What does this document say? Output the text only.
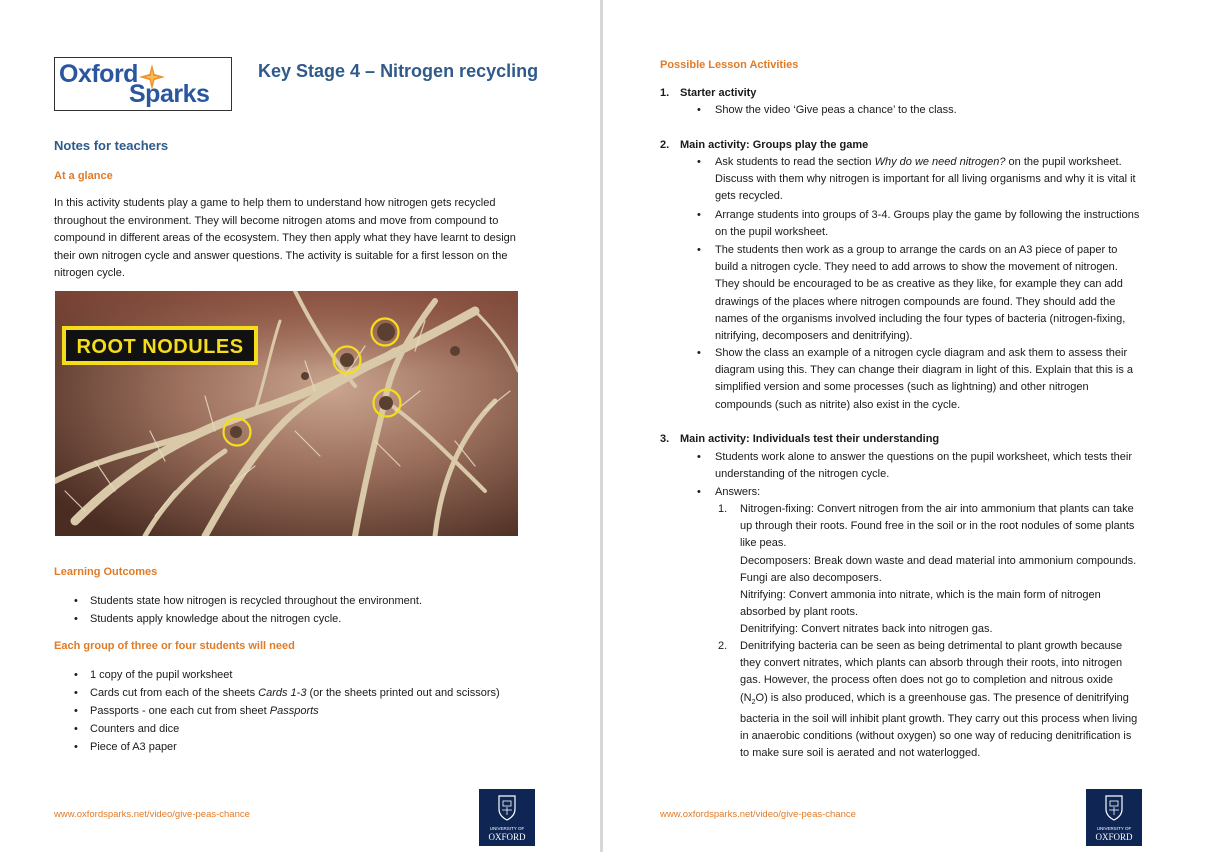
Oxford
Sparks
Key Stage 4 – Nitrogen recycling
Notes for teachers
At a glance
In this activity students play a game to help them to understand how nitrogen gets recycled
throughout the environment. They will become nitrogen atoms and move from compound to
compound in different areas of the ecosystem. They then apply what they have learnt to design
their own nitrogen cycle and answer questions. The activity is suitable for a first lesson on the
nitrogen cycle.
ROOT NODULES
Learning Outcomes
• Students state how nitrogen is recycled throughout the environment.
• Students apply knowledge about the nitrogen cycle.
Each group of three or four students will need
• 1 copy of the pupil worksheet
• Cards cut from each of the sheets Cards 1-3 (or the sheets printed out and scissors)
• Passports - one each cut from sheet Passports
• Counters and dice
• Piece of A3 paper
www.oxfordsparks.net/video/give-peas-chance
UNIVERSITY OF
OXFORD
Possible Lesson Activities
1. Starter activity
• Show the video ‘Give peas a chance’ to the class.
2. Main activity: Groups play the game
• Ask students to read the section Why do we need nitrogen? on the pupil worksheet.
Discuss with them why nitrogen is important for all living organisms and why it is vital it
gets recycled.
• Arrange students into groups of 3-4. Groups play the game by following the instructions
on the pupil worksheet.
• The students then work as a group to arrange the cards on an A3 piece of paper to
build a nitrogen cycle. They need to add arrows to show the movement of nitrogen.
They should be encouraged to be as creative as they like, for example they can add
drawings of the places where nitrogen compounds are found. They should add the
names of the organisms involved including the four types of bacteria (nitrogen-fixing,
nitrifying, decomposers and denitrifying).
• Show the class an example of a nitrogen cycle diagram and ask them to assess their
diagram using this. They can change their diagram in light of this. Explain that this is a
simplified version and some processes (such as lightning) and other nitrogen
compounds (such as nitrite) also exist in the cycle.
3. Main activity: Individuals test their understanding
• Students work alone to answer the questions on the pupil worksheet, which tests their
understanding of the nitrogen cycle.
• Answers:
1. Nitrogen-fixing: Convert nitrogen from the air into ammonium that plants can take
up through their roots. Found free in the soil or in the root nodules of some plants
like peas.
Decomposers: Break down waste and dead material into ammonium compounds.
Fungi are also decomposers.
Nitrifying: Convert ammonia into nitrate, which is the main form of nitrogen
absorbed by plant roots.
Denitrifying: Convert nitrates back into nitrogen gas.
2. Denitrifying bacteria can be seen as being detrimental to plant growth because
they convert nitrates, which plants can absorb through their roots, into nitrogen
gas. However, the process often does not go to completion and nitrous oxide
$(N_2O)$ is also produced, which is a greenhouse gas. The presence of denitrifying
bacteria in the soil will inhibit plant growth. They carry out this process when living
in anaerobic conditions (without oxygen) so one way of reducing denitrification is
to make sure soil is aerated and not waterlogged.
www.oxfordsparks.net/video/give-peas-chance
UNIVERSITY OF
OXFORD
